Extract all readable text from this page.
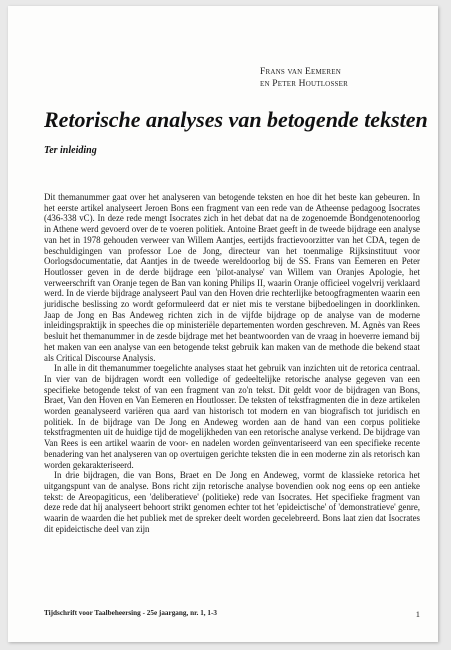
Frans van Eemeren
en Peter Houtlosser
Retorische analyses van betogende teksten
Ter inleiding

Dit themanummer gaat over het analyseren van betogende teksten en hoe dit het beste kan gebeuren. In het eerste artikel analyseert Jeroen Bons een fragment van een rede van de Atheense pedagoog Isocrates (436-338 vC). In deze rede mengt Isocrates zich in het debat dat na de zogenoemde Bondgenotenoorlog in Athene werd gevoerd over de te voeren politiek. Antoine Braet geeft in de tweede bijdrage een analyse van het in 1978 gehouden verweer van Willem Aantjes, eertijds fractievoorzitter van het CDA, tegen de beschuldigingen van professor Loe de Jong, directeur van het toenmalige Rijksinstituut voor Oorlogsdocumentatie, dat Aantjes in de tweede wereldoorlog bij de SS. Frans van Eemeren en Peter Houtlosser geven in de derde bijdrage een 'pilot-analyse' van Willem van Oranjes Apologie, het verweerschrift van Oranje tegen de Ban van koning Philips II, waarin Oranje officieel vogelvrij verklaard werd. In de vierde bijdrage analyseert Paul van den Hoven drie rechterlijke betoogfragmenten waarin een juridische beslissing zo wordt geformuleerd dat er niet mis te verstane bijbedoelingen in doorklinken. Jaap de Jong en Bas Andeweg richten zich in de vijfde bijdrage op de analyse van de moderne inleidingspraktijk in speeches die op ministeriële departementen worden geschreven. M. Agnès van Rees besluit het themanummer in de zesde bijdrage met het beantwoorden van de vraag in hoeverre iemand bij het maken van een analyse van een betogende tekst gebruik kan maken van de methode die bekend staat als Critical Discourse Analysis.

In alle in dit themanummer toegelichte analyses staat het gebruik van inzichten uit de retorica centraal. In vier van de bijdragen wordt een volledige of gedeeltelijke retorische analyse gegeven van een specifieke betogende tekst of van een fragment van zo'n tekst. Dit geldt voor de bijdragen van Bons, Braet, Van den Hoven en Van Eemeren en Houtlosser. De teksten of tekstfragmenten die in deze artikelen worden geanalyseerd variëren qua aard van historisch tot modern en van biografisch tot juridisch en politiek. In de bijdrage van De Jong en Andeweg worden aan de hand van een corpus politieke tekstfragmenten uit de huidige tijd de mogelijkheden van een retorische analyse verkend. De bijdrage van Van Rees is een artikel waarin de voor- en nadelen worden geïnventariseerd van een specifieke recente benadering van het analyseren van op overtuigen gerichte teksten die in een moderne zin als retorisch kan worden gekarakteriseerd.

In drie bijdragen, die van Bons, Braet en De Jong en Andeweg, vormt de klassieke retorica het uitgangspunt van de analyse. Bons richt zijn retorische analyse bovendien ook nog eens op een antieke tekst: de Areopagiticus, een 'deliberatieve' (politieke) rede van Isocrates. Het specifieke fragment van deze rede dat hij analyseert behoort strikt genomen echter tot het 'epideictische' of 'demonstratieve' genre, waarin de waarden die het publiek met de spreker deelt worden gecelebreerd. Bons laat zien dat Isocrates dit epideictische deel van zijn

Tijdschrift voor Taalbeheersing - 25e jaargang, nr. 1, 1-3	1
